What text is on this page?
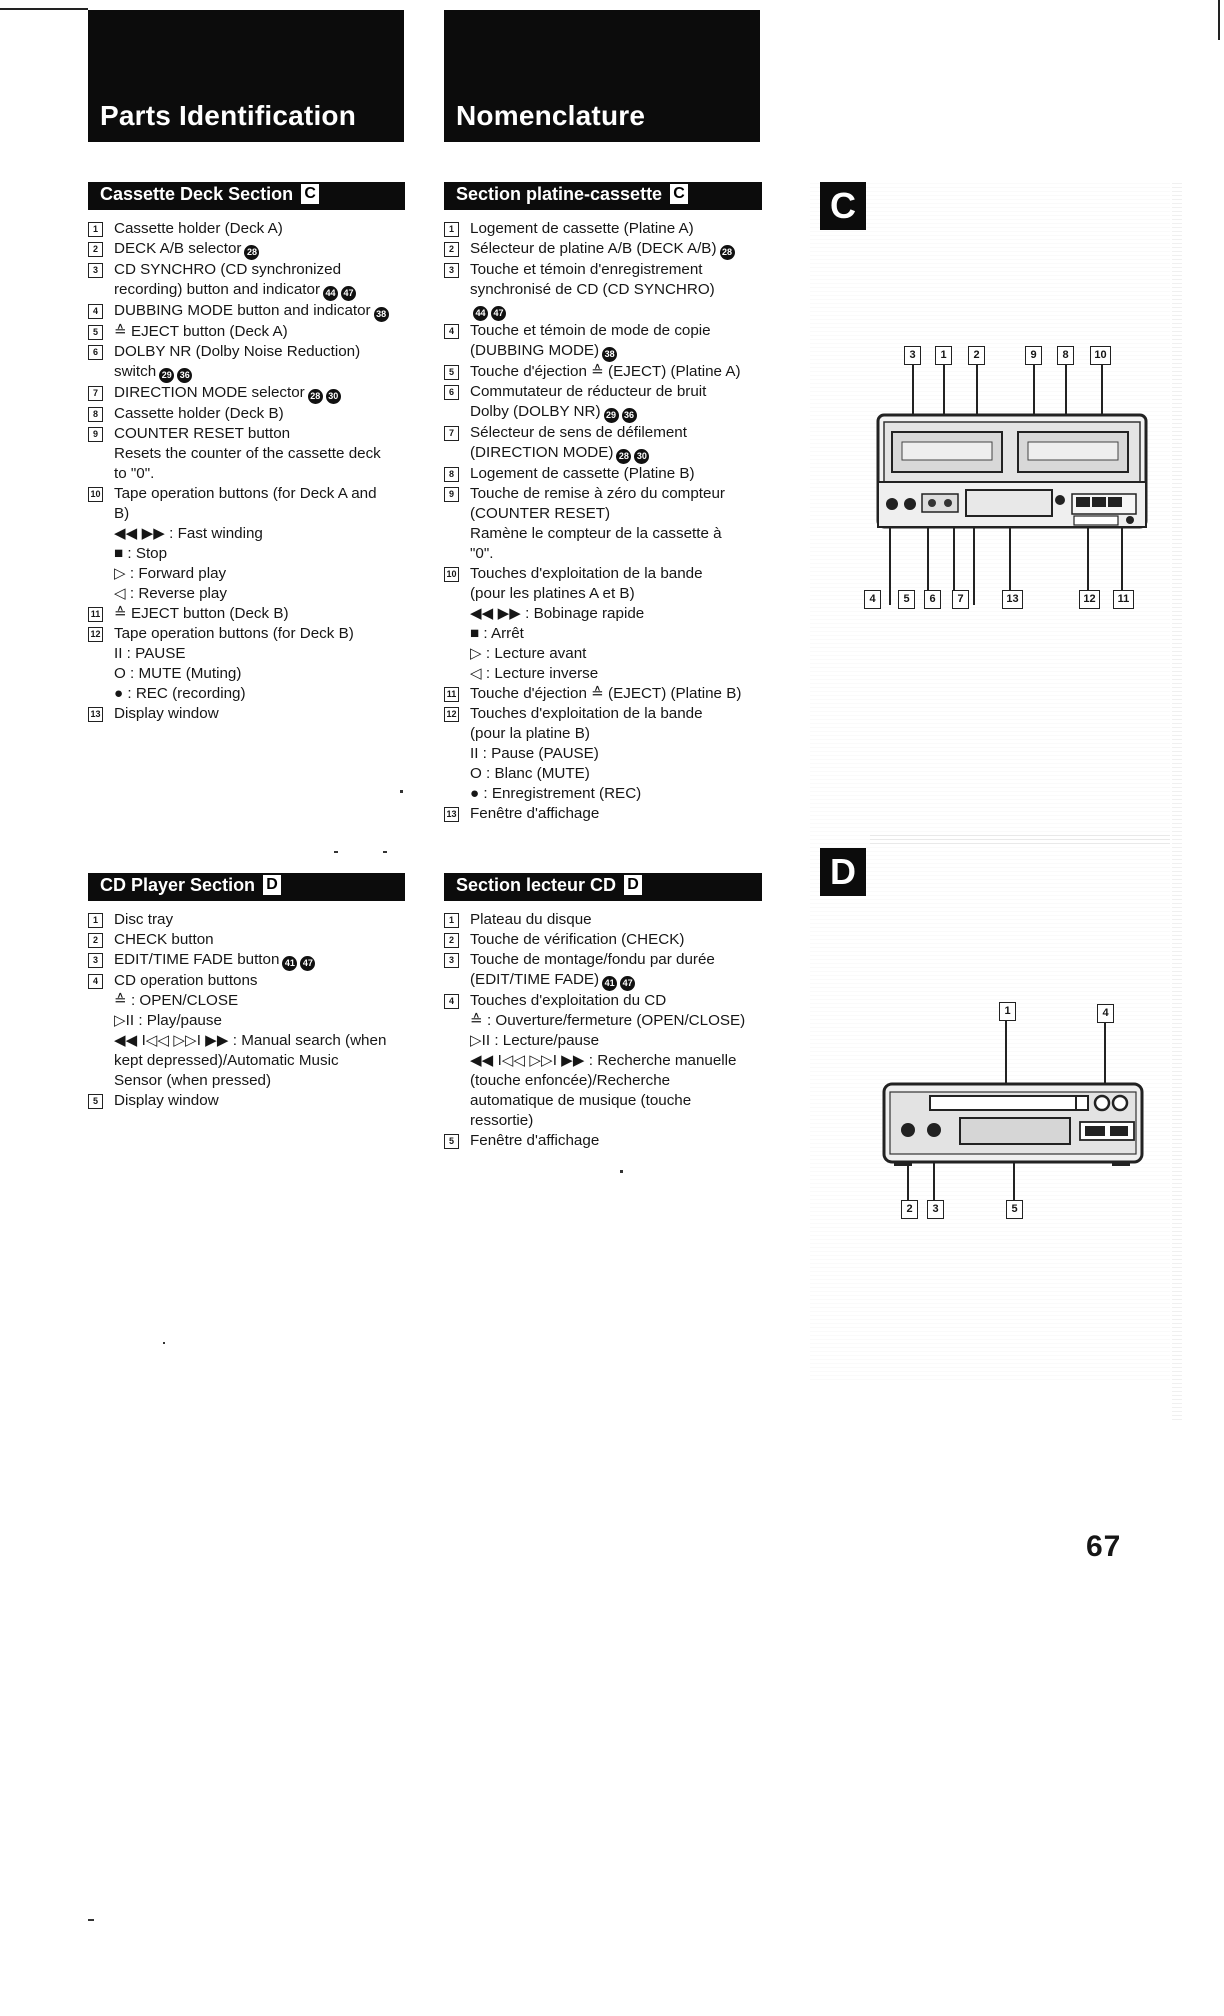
Parts Identification	Nomenclature
Cassette Deck Section C	Section platine-cassette C
CD Player Section D	Section lecteur CD D
1	Cassette holder (Deck A)
2	DECK A/B selector 28
3	CD SYNCHRO (CD synchronized
recording) button and indicator 44 47
4	DUBBING MODE button and indicator 38
5	≙ EJECT button (Deck A)
6	DOLBY NR (Dolby Noise Reduction)
switch 29 36
7	DIRECTION MODE selector 28 30
8	Cassette holder (Deck B)
9	COUNTER RESET button
Resets the counter of the cassette deck
to "0".
10 Tape operation buttons (for Deck A and
B)
◀◀ ▶▶ : Fast winding
■ : Stop
▷ : Forward play
◁ : Reverse play
11 ≙ EJECT button (Deck B)
12 Tape operation buttons (for Deck B)
II : PAUSE
O : MUTE (Muting)
● : REC (recording)
13 Display window
1	Logement de cassette (Platine A)
2	Sélecteur de platine A/B (DECK A/B) 28
3	Touche et témoin d'enregistrement
synchronisé de CD (CD SYNCHRO)
44 47
4	Touche et témoin de mode de copie
(DUBBING MODE) 38
5	Touche d'éjection ≙ (EJECT) (Platine A)
6	Commutateur de réducteur de bruit
Dolby (DOLBY NR) 29 36
7	Sélecteur de sens de défilement
(DIRECTION MODE) 28 30
8	Logement de cassette (Platine B)
9	Touche de remise à zéro du compteur
(COUNTER RESET)
Ramène le compteur de la cassette à
"0".
10 Touches d'exploitation de la bande
(pour les platines A et B)
◀◀ ▶▶ : Bobinage rapide
■ : Arrêt
▷ : Lecture avant
◁ : Lecture inverse
11 Touche d'éjection ≙ (EJECT) (Platine B)
12 Touches d'exploitation de la bande
(pour la platine B)
II : Pause (PAUSE)
O : Blanc (MUTE)
● : Enregistrement (REC)
13 Fenêtre d'affichage
1	Disc tray
2	CHECK button
3	EDIT/TIME FADE button 41 47
4	CD operation buttons
≙ : OPEN/CLOSE
▷II : Play/pause
◀◀ I◁◁ ▷▷I ▶▶ : Manual search (when
kept depressed)/Automatic Music
Sensor (when pressed)
5	Display window
1	Plateau du disque
2	Touche de vérification (CHECK)
3	Touche de montage/fondu par durée
(EDIT/TIME FADE) 41 47
4	Touches d'exploitation du CD
≙ : Ouverture/fermeture (OPEN/CLOSE)
▷II : Lecture/pause
◀◀ I◁◁ ▷▷I ▶▶ : Recherche manuelle
(touche enfoncée)/Recherche
automatique de musique (touche
ressortie)
5	Fenêtre d'affichage
C
3	1	2	9	8	10
4	5	6	7	13	12	11
D
1	4
2	3	5
67
